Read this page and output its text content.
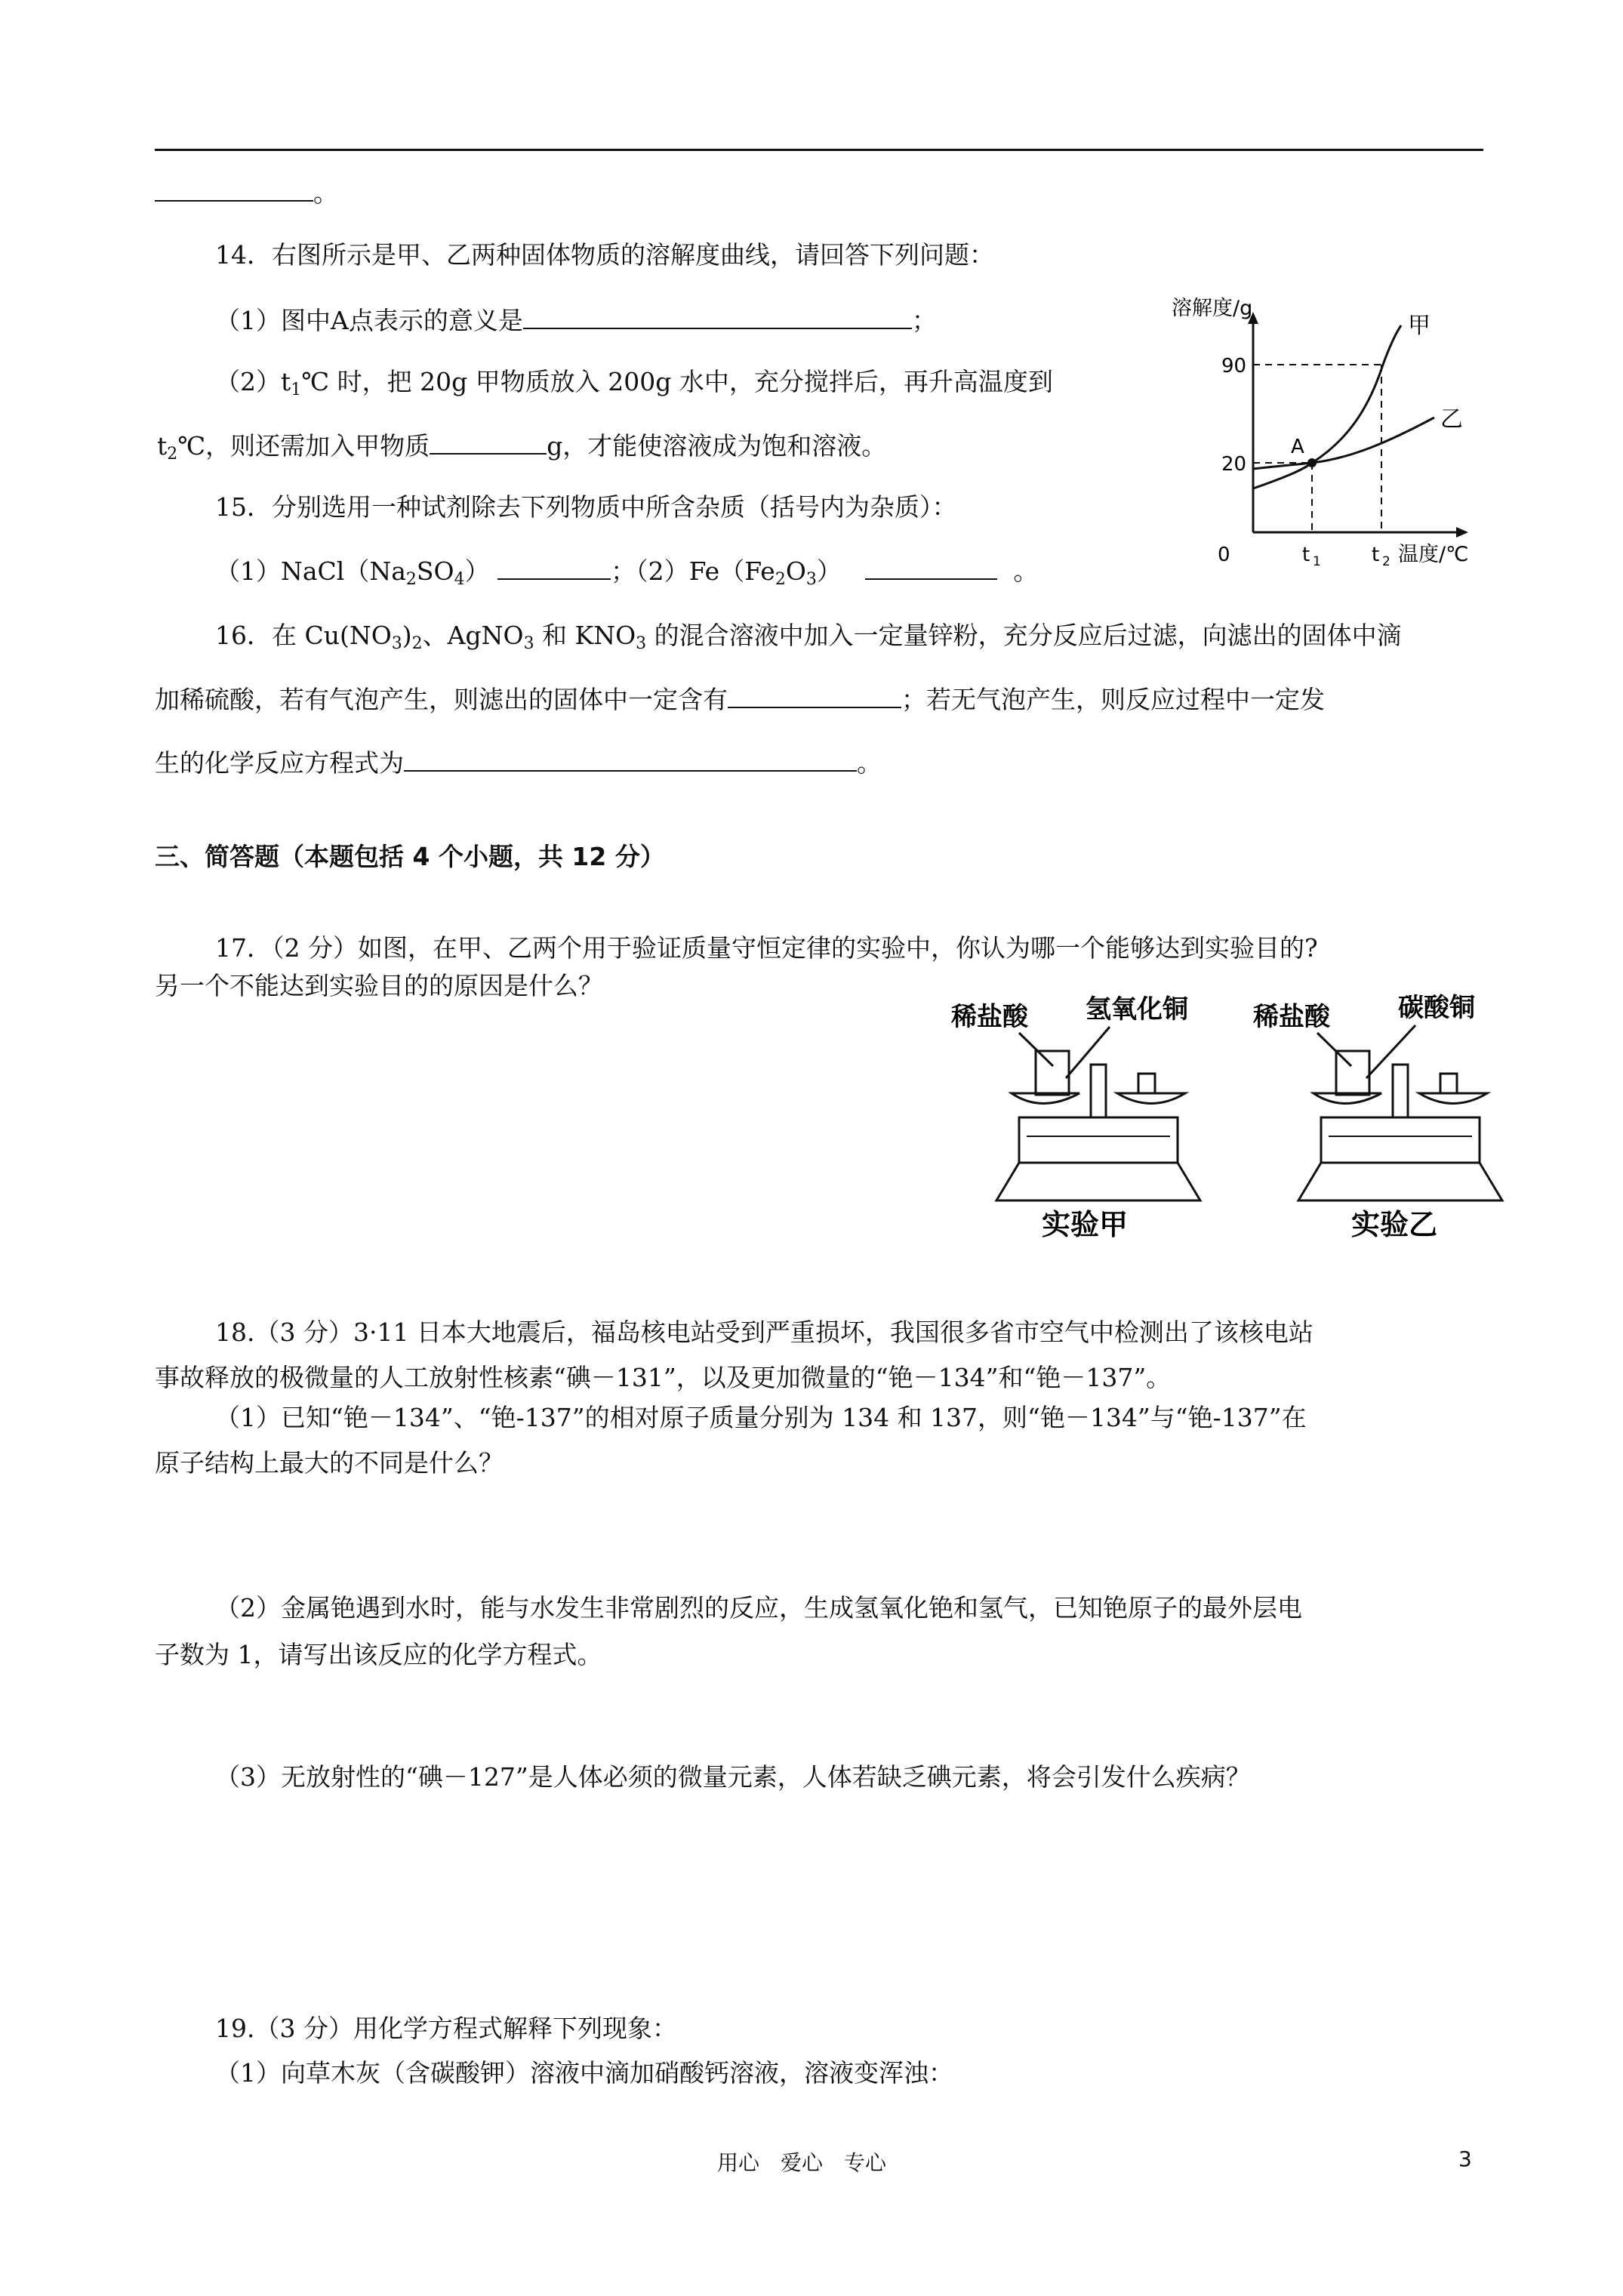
。
14．右图所示是甲、乙两种固体物质的溶解度曲线，请回答下列问题：
（1）图中A点表示的意义是	；
$(2)t_1℃$ 时，把 20g 甲物质放入 200g 水中，充分搅拌后，再升高温度到
$t_2℃$，则还需加入甲物质	g，才能使溶液成为饱和溶液。
溶解度/g
90
20
0	t 1	t 2 温度/℃
A
甲
乙
15．分别选用一种试剂除去下列物质中所含杂质（括号内为杂质）：
$(1)NaCl(Na_2SO_4)$	；$(2)Fe(Fe_2O_3)$	。
16．在 $Cu(NO_3)_2$、AgNO$_3$ 和 $KNO_3$ 的混合溶液中加入一定量锌粉，充分反应后过滤，向滤出的固体中滴
加稀硫酸，若有气泡产生，则滤出的固体中一定含有	；若无气泡产生，则反应过程中一定发
生的化学反应方程式为	。
三、简答题（本题包括 4 个小题，共 12 分）
17．（2 分）如图，在甲、乙两个用于验证质量守恒定律的实验中，你认为哪一个能够达到实验目的?
另一个不能达到实验目的的原因是什么？
稀盐酸 氢氧化铜
实验甲
稀盐酸	碳酸铜
实验乙
18.（3 分）3·11 日本大地震后，福岛核电站受到严重损坏，我国很多省市空气中检测出了该核电站
事故释放的极微量的人工放射性核素“碘－131”，以及更加微量的“铯－134”和“铯－137”。
（1）已知“铯－134”、“铯-137”的相对原子质量分别为 134 和 137，则“铯－134”与“铯-137”在
原子结构上最大的不同是什么？
（2）金属铯遇到水时，能与水发生非常剧烈的反应，生成氢氧化铯和氢气，已知铯原子的最外层电
子数为 1，请写出该反应的化学方程式。
（3）无放射性的“碘－127”是人体必须的微量元素，人体若缺乏碘元素，将会引发什么疾病？
19.（3 分）用化学方程式解释下列现象：
（1）向草木灰（含碳酸钾）溶液中滴加硝酸钙溶液，溶液变浑浊：
用心　爱心　专心	3
